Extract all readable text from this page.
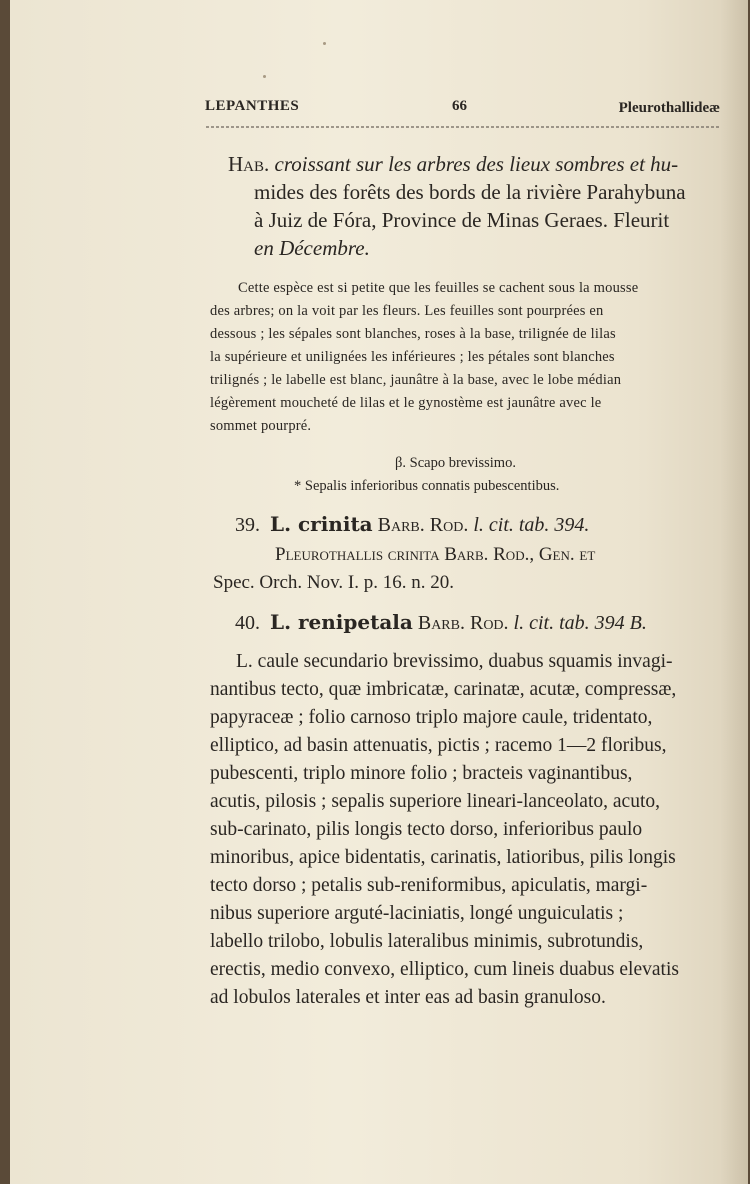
LEPANTHES	66	Pleurothallideæ
Hab. croissant sur les arbres des lieux sombres et hu-
mides des forêts des bords de la rivière Parahybuna
à Juiz de Fóra, Province de Minas Geraes. Fleurit
en Décembre.
Cette espèce est si petite que les feuilles se cachent sous la mousse
des arbres; on la voit par les fleurs. Les feuilles sont pourprées en
dessous ; les sépales sont blanches, roses à la base, trilignée de lilas
la supérieure et unilignées les inférieures ; les pétales sont blanches
trilignés ; le labelle est blanc, jaunâtre à la base, avec le lobe médian
légèrement moucheté de lilas et le gynostème est jaunâtre avec le
sommet pourpré.
β. Scapo brevissimo.
* Sepalis inferioribus connatis pubescentibus.
39. L. crinita Barb. Rod. l. cit. tab. 394.
Pleurothallis crinita Barb. Rod., Gen. et
Spec. Orch. Nov. I. p. 16. n. 20.
40. L. renipetala Barb. Rod. l. cit. tab. 394 B.
L. caule secundario brevissimo, duabus squamis invagi-
nantibus tecto, quæ imbricatæ, carinatæ, acutæ, compressæ,
papyraceæ ; folio carnoso triplo majore caule, tridentato,
elliptico, ad basin attenuatis, pictis ; racemo 1—2 floribus,
pubescenti, triplo minore folio ; bracteis vaginantibus,
acutis, pilosis ; sepalis superiore lineari-lanceolato, acuto,
sub-carinato, pilis longis tecto dorso, inferioribus paulo
minoribus, apice bidentatis, carinatis, latioribus, pilis longis
tecto dorso ; petalis sub-reniformibus, apiculatis, margi-
nibus superiore arguté-laciniatis, longé unguiculatis ;
labello trilobo, lobulis lateralibus minimis, subrotundis,
erectis, medio convexo, elliptico, cum lineis duabus elevatis
ad lobulos laterales et inter eas ad basin granuloso.
